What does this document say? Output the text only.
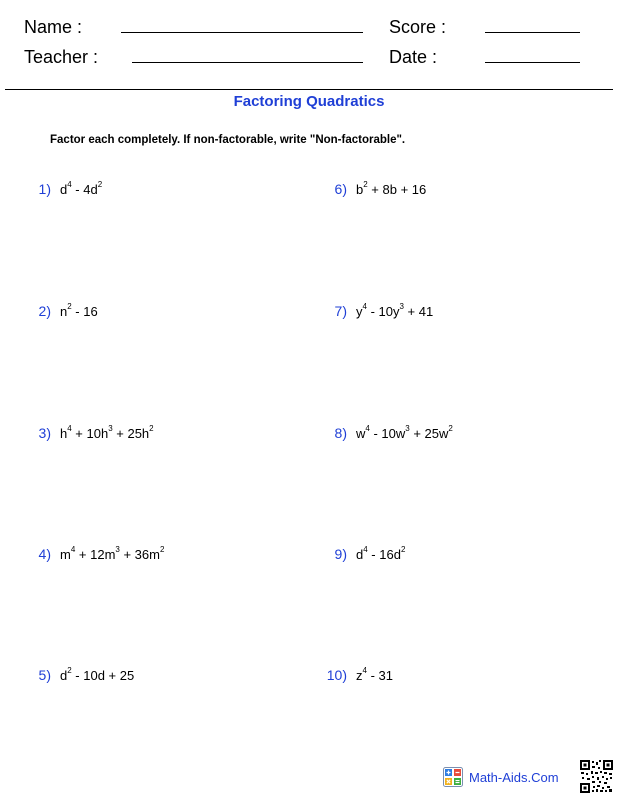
Name :	Score :
Teacher :	Date :
Factoring Quadratics
Factor each completely. If non-factorable, write "Non-factorable".
1) $d^4 - 4d^2$
2) $n^2 - 16$
3) $h^4 + 10h^3 + 25h^2$
4) $m^4 + 12m^3 + 36m^2$
5) $d^2 - 10d + 25$
6) $b^2 + 8b + 16$
7) $y^4 - 10y^3 + 41$
8) $w^4 - 10w^3 + 25w^2$
9) $d^4 - 16d^2$
10) $z^4 - 31$
Math-Aids.Com
